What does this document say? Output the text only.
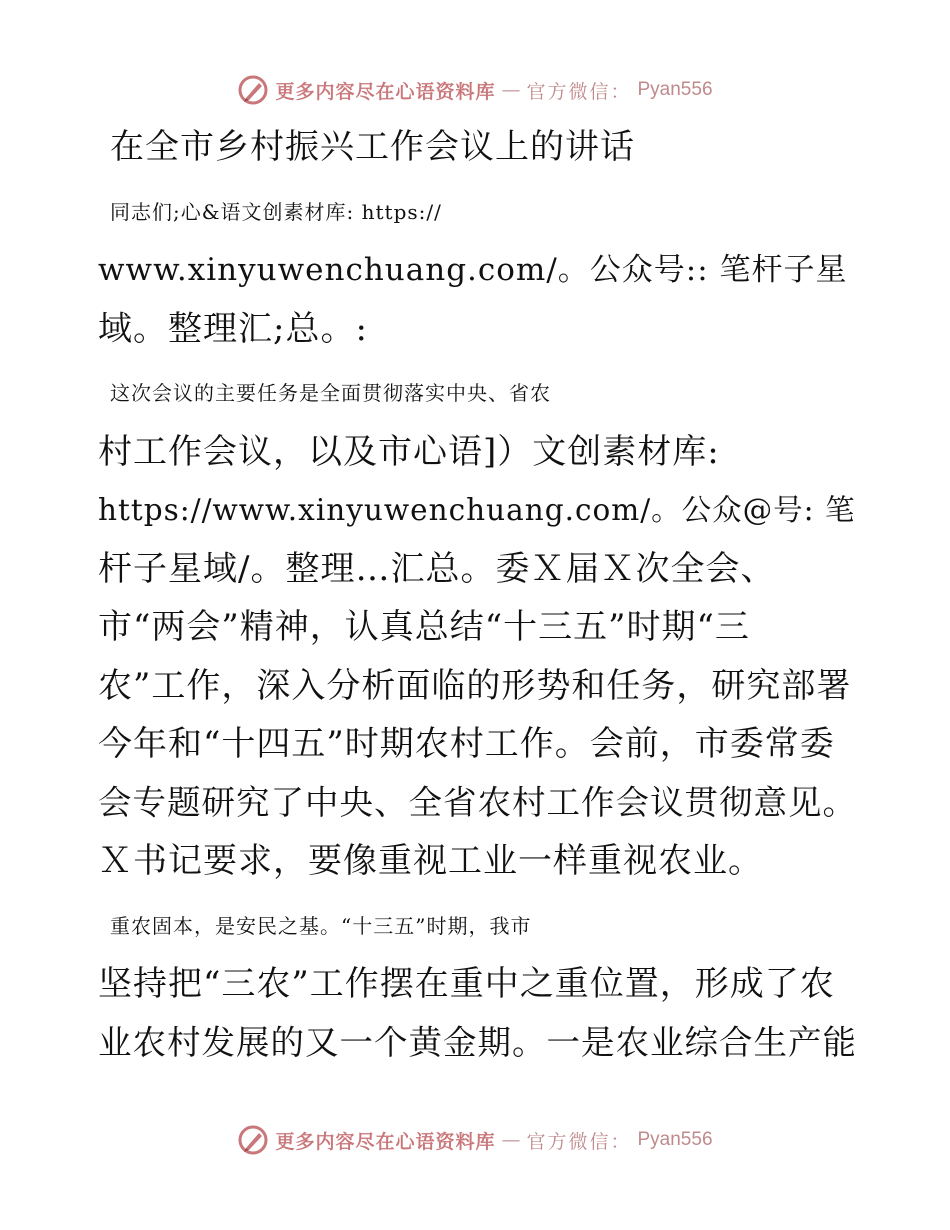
更多内容尽在心语资料库 — 官方微信： Pyan556

在全市乡村振兴工作会议上的讲话

同志们;心&语文创素材库: https://
www.xinyuwenchuang.com/。公众号:: 笔杆子星
域。整理汇;总。:
这次会议的主要任务是全面贯彻落实中央、省农
村工作会议，以及市心语]）文创素材库:
https://www.xinyuwenchuang.com/。公众@号: 笔
杆子星域/。整理…汇总。委Ｘ届Ｘ次全会、
市“两会”精神，认真总结“十三五”时期“三
农”工作，深入分析面临的形势和任务，研究部署
今年和“十四五”时期农村工作。会前，市委常委
会专题研究了中央、全省农村工作会议贯彻意见。
Ｘ书记要求，要像重视工业一样重视农业。
重农固本，是安民之基。“十三五”时期，我市
坚持把“三农”工作摆在重中之重位置，形成了农
业农村发展的又一个黄金期。一是农业综合生产能
更多内容尽在心语资料库 — 官方微信： Pyan556
